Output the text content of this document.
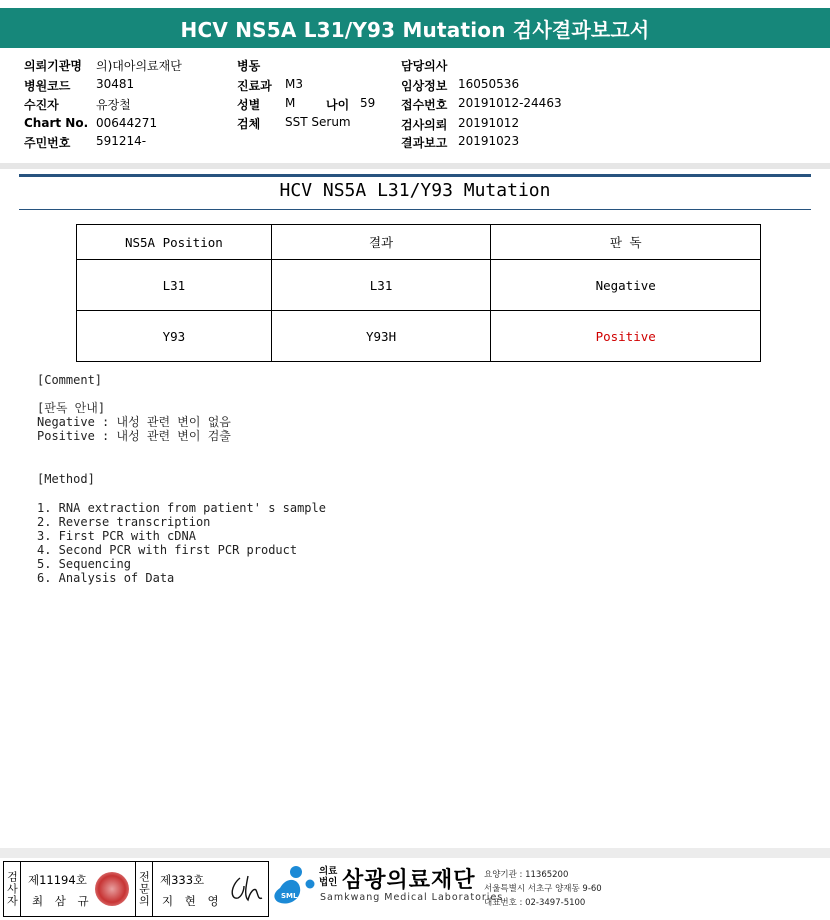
HCV NS5A L31/Y93 Mutation 검사결과보고서
의뢰기관명 의)대아의료재단
병원코드 30481
수진자	유장철
Chart No. 00644271
주민번호 591214-
병동
진료과 M3
성별 M	나이 59
검체 SST Serum
담당의사
임상정보 16050536
접수번호 20191012-24463
검사의뢰 20191012
결과보고 20191023
HCV NS5A L31/Y93 Mutation
NS5A Position	결과	판 독
L31	L31	Negative
Y93	Y93H	Positive
[Comment]
[판독 안내]
Negative : 내성 관련 변이 없음
Positive : 내성 관련 변이 검출
[Method]
1. RNA extraction from patient' s sample
2. Reverse transcription
3. First PCR with cDNA
4. Second PCR with first PCR product
5. Sequencing
6. Analysis of Data
검사자 제11194호
최 삼 규	전문의 제333호
지 현 영	SML
의료법인 삼광의료재단
Samkwang Medical Laboratories
요양기관 : 11365200
서울특별시 서초구 양재동 9-60
대표번호 : 02-3497-5100
